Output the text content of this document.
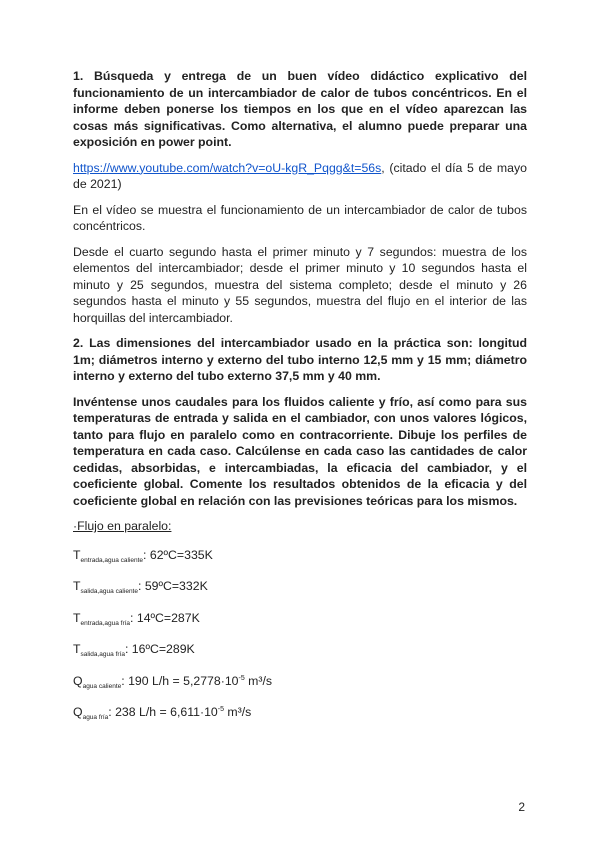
1. Búsqueda y entrega de un buen vídeo didáctico explicativo del funcionamiento de un intercambiador de calor de tubos concéntricos. En el informe deben ponerse los tiempos en los que en el vídeo aparezcan las cosas más significativas. Como alternativa, el alumno puede preparar una exposición en power point.

https://www.youtube.com/watch?v=oU-kgR_Pqgg&t=56s, (citado el día 5 de mayo de 2021)

En el vídeo se muestra el funcionamiento de un intercambiador de calor de tubos concéntricos.

Desde el cuarto segundo hasta el primer minuto y 7 segundos: muestra de los elementos del intercambiador; desde el primer minuto y 10 segundos hasta el minuto y 25 segundos, muestra del sistema completo; desde el minuto y 26 segundos hasta el minuto y 55 segundos, muestra del flujo en el interior de las horquillas del intercambiador.

2. Las dimensiones del intercambiador usado en la práctica son: longitud 1m; diámetros interno y externo del tubo interno 12,5 mm y 15 mm; diámetro interno y externo del tubo externo 37,5 mm y 40 mm.

Invéntense unos caudales para los fluidos caliente y frío, así como para sus temperaturas de entrada y salida en el cambiador, con unos valores lógicos, tanto para flujo en paralelo como en contracorriente. Dibuje los perfiles de temperatura en cada caso. Calcúlense en cada caso las cantidades de calor cedidas, absorbidas, e intercambiadas, la eficacia del cambiador, y el coeficiente global. Comente los resultados obtenidos de la eficacia y del coeficiente global en relación con las previsiones teóricas para los mismos.

·Flujo en paralelo:

$T_{entrada,agua caliente}$: 62ºC=335K

$T_{salida,agua caliente}$: 59ºC=332K

$T_{entrada,agua fría}$: 14ºC=287K

$T_{salida,agua fría}$: 16ºC=289K

$Q_{agua caliente}$: 190 $L/h = 5,2778\cdot 10^{-5}$ m³/s

$Q_{agua fría}$: 238 $L/h = 6,611\cdot 10^{-5}$ m³/s

2
